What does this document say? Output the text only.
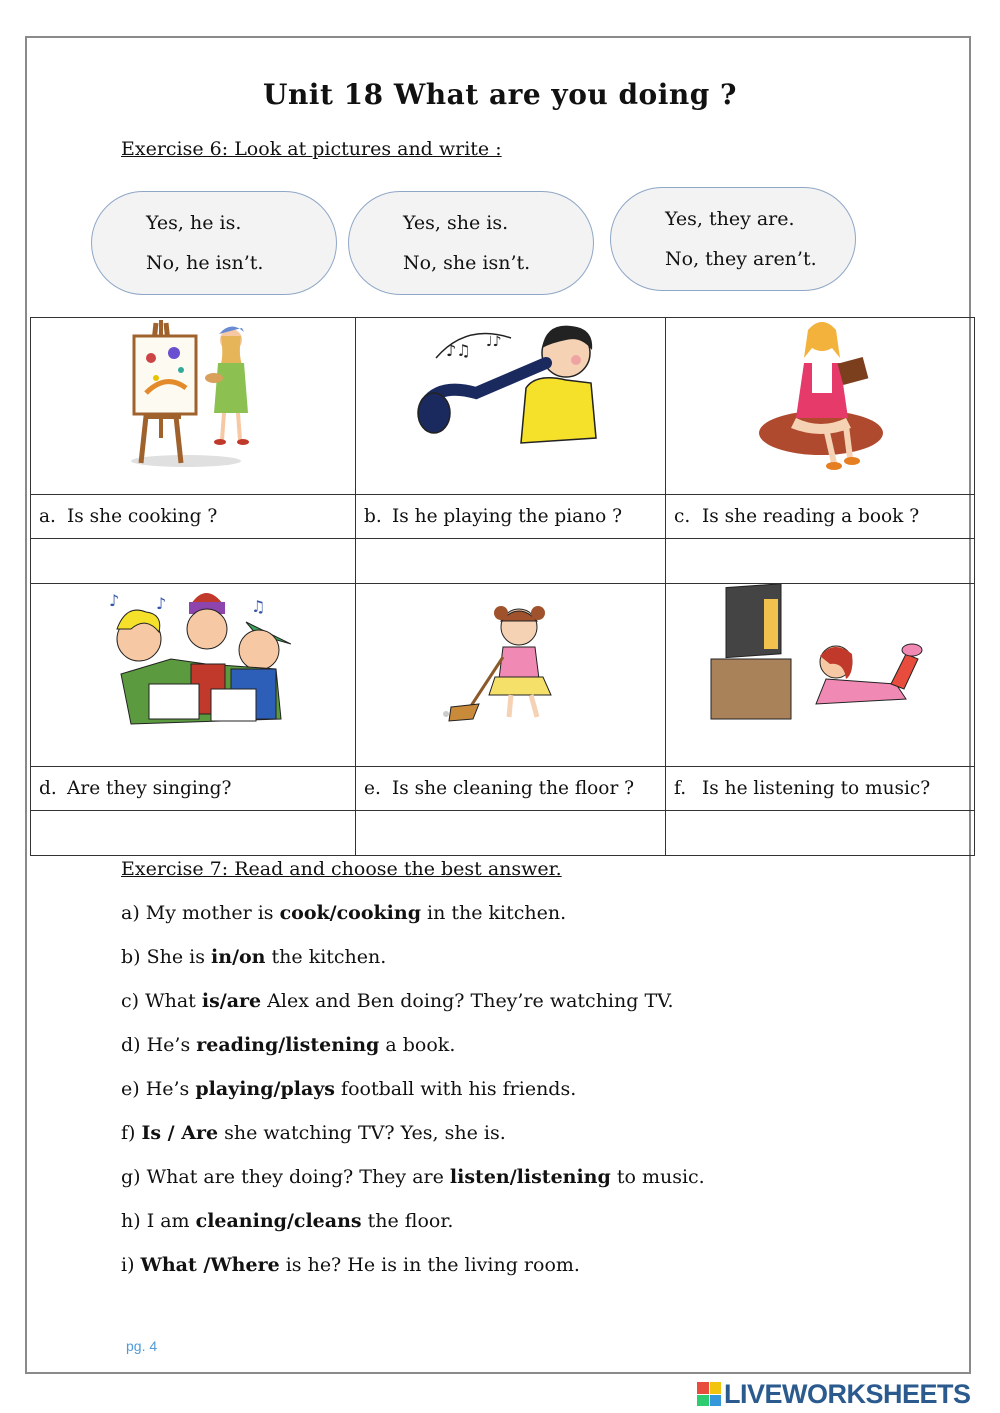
Unit 18 What are you doing ?
Exercise 6: Look at pictures and write :
Yes, he is.
No, he isn’t.
Yes, she is.
No, she isn’t.
Yes, they are.
No, they aren’t.

♪♫ ♩♪

a. Is she cooking ?	b. Is he playing the piano ?	c. Is she reading a book ?

♪ ♪ ♫

d. Are they singing?	e. Is she cleaning the floor ?	f. Is he listening to music?

Exercise 7: Read and choose the best answer.
a) My mother is cook/cooking in the kitchen.
b) She is in/on the kitchen.
c) What is/are Alex and Ben doing? They’re watching TV.
d) He’s reading/listening a book.
e) He’s playing/plays football with his friends.
f) Is / Are she watching TV? Yes, she is.
g) What are they doing? They are listen/listening to music.
h) I am cleaning/cleans the floor.
i) What /Where is he? He is in the living room.
pg. 4
LIVEWORKSHEETS
